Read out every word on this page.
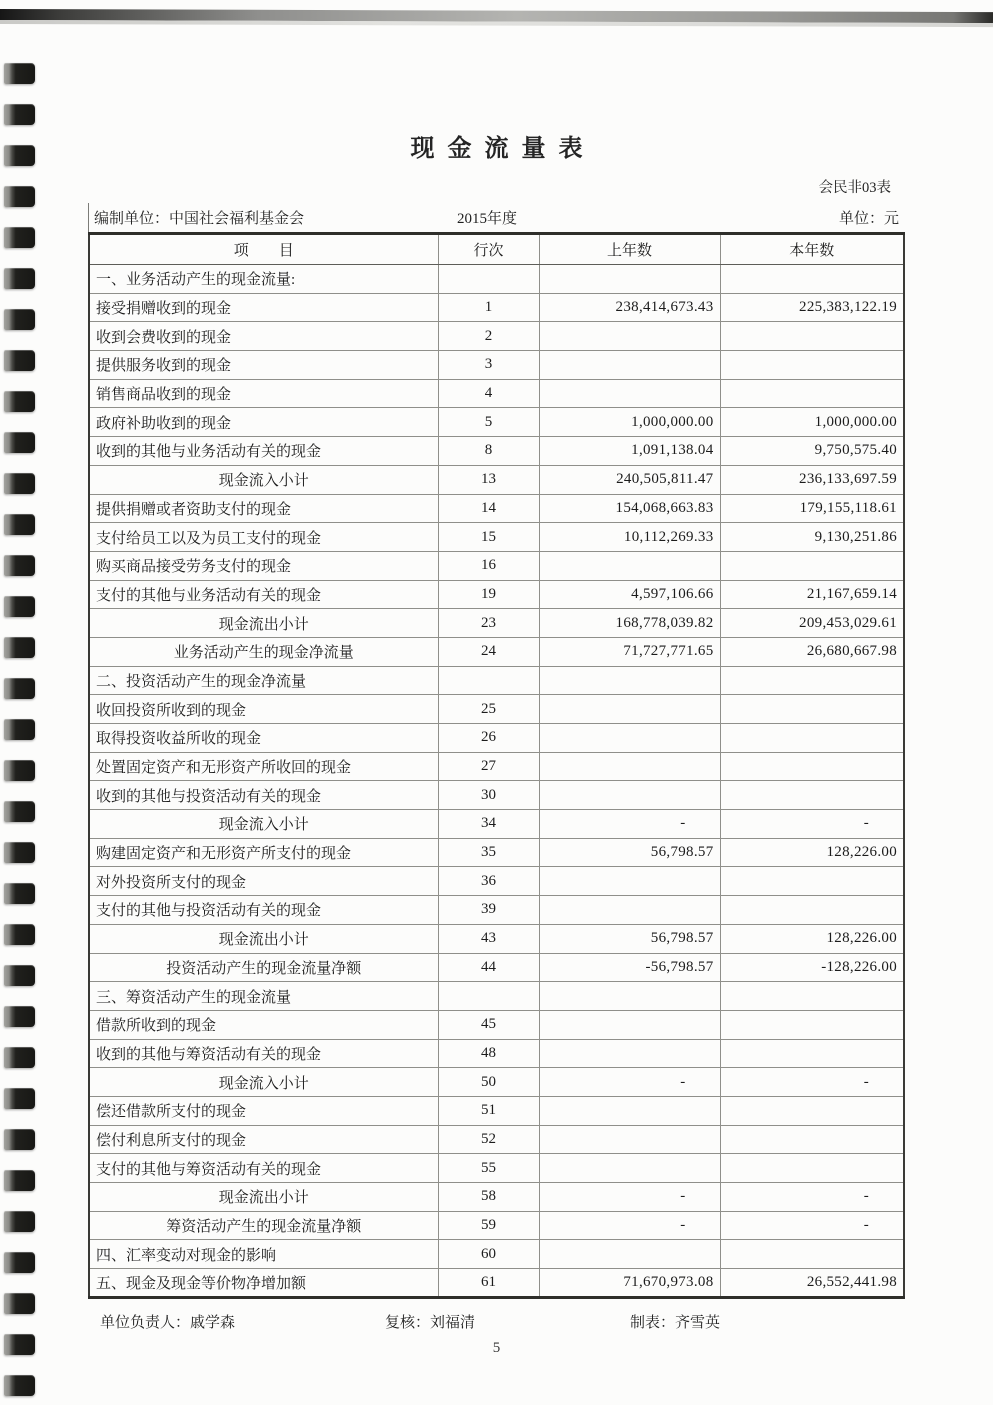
现金流量表
会民非03表
编制单位：中国社会福利基金会	2015年度	单位：元
项　　目	行次	上年数	本年数
一、业务活动产生的现金流量:			
接受捐赠收到的现金	1	238,414,673.43	225,383,122.19
收到会费收到的现金	2		
提供服务收到的现金	3		
销售商品收到的现金	4		
政府补助收到的现金	5	1,000,000.00	1,000,000.00
收到的其他与业务活动有关的现金	8	1,091,138.04	9,750,575.40
现金流入小计	13	240,505,811.47	236,133,697.59
提供捐赠或者资助支付的现金	14	154,068,663.83	179,155,118.61
支付给员工以及为员工支付的现金	15	10,112,269.33	9,130,251.86
购买商品接受劳务支付的现金	16		
支付的其他与业务活动有关的现金	19	4,597,106.66	21,167,659.14
现金流出小计	23	168,778,039.82	209,453,029.61
业务活动产生的现金净流量	24	71,727,771.65	26,680,667.98
二、投资活动产生的现金净流量			
收回投资所收到的现金	25		
取得投资收益所收的现金	26		
处置固定资产和无形资产所收回的现金	27		
收到的其他与投资活动有关的现金	30		
现金流入小计	34	-	-
购建固定资产和无形资产所支付的现金	35	56,798.57	128,226.00
对外投资所支付的现金	36		
支付的其他与投资活动有关的现金	39		
现金流出小计	43	56,798.57	128,226.00
投资活动产生的现金流量净额	44	-56,798.57	-128,226.00
三、筹资活动产生的现金流量			
借款所收到的现金	45		
收到的其他与筹资活动有关的现金	48		
现金流入小计	50	-	-
偿还借款所支付的现金	51		
偿付利息所支付的现金	52		
支付的其他与筹资活动有关的现金	55		
现金流出小计	58	-	-
筹资活动产生的现金流量净额	59	-	-
四、汇率变动对现金的影响	60		
五、现金及现金等价物净增加额	61	71,670,973.08	26,552,441.98
单位负责人：戚学森	复核：刘福清	制表：齐雪英
5
